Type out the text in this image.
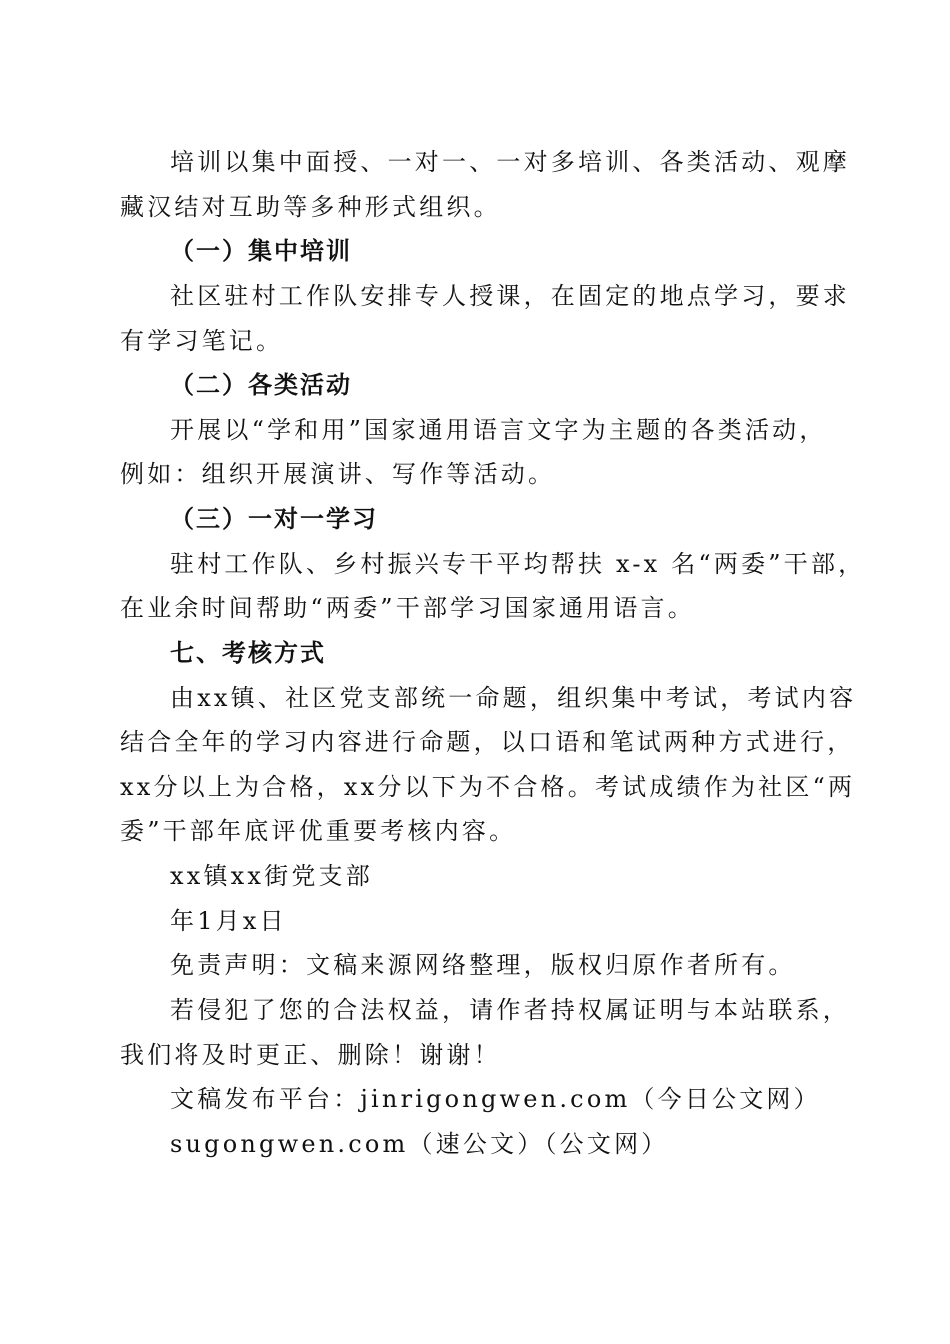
培训以集中面授、一对一、一对多培训、各类活动、观摩
藏汉结对互助等多种形式组织。
（一）集中培训
社区驻村工作队安排专人授课，在固定的地点学习，要求
有学习笔记。
（二）各类活动
开展以“学和用”国家通用语言文字为主题的各类活动，
例如：组织开展演讲、写作等活动。
（三）一对一学习
驻村工作队、乡村振兴专干平均帮扶 x-x 名“两委”干部，
在业余时间帮助“两委”干部学习国家通用语言。
七、考核方式
由xx镇、社区党支部统一命题，组织集中考试，考试内容
结合全年的学习内容进行命题，以口语和笔试两种方式进行，
xx分以上为合格，xx分以下为不合格。考试成绩作为社区“两
委”干部年底评优重要考核内容。
xx镇xx街党支部
年1月x日
免责声明：文稿来源网络整理，版权归原作者所有。
若侵犯了您的合法权益，请作者持权属证明与本站联系，
我们将及时更正、删除！谢谢！
文稿发布平台：jinrigongwen.com（今日公文网）
sugongwen.com（速公文）（公文网）
